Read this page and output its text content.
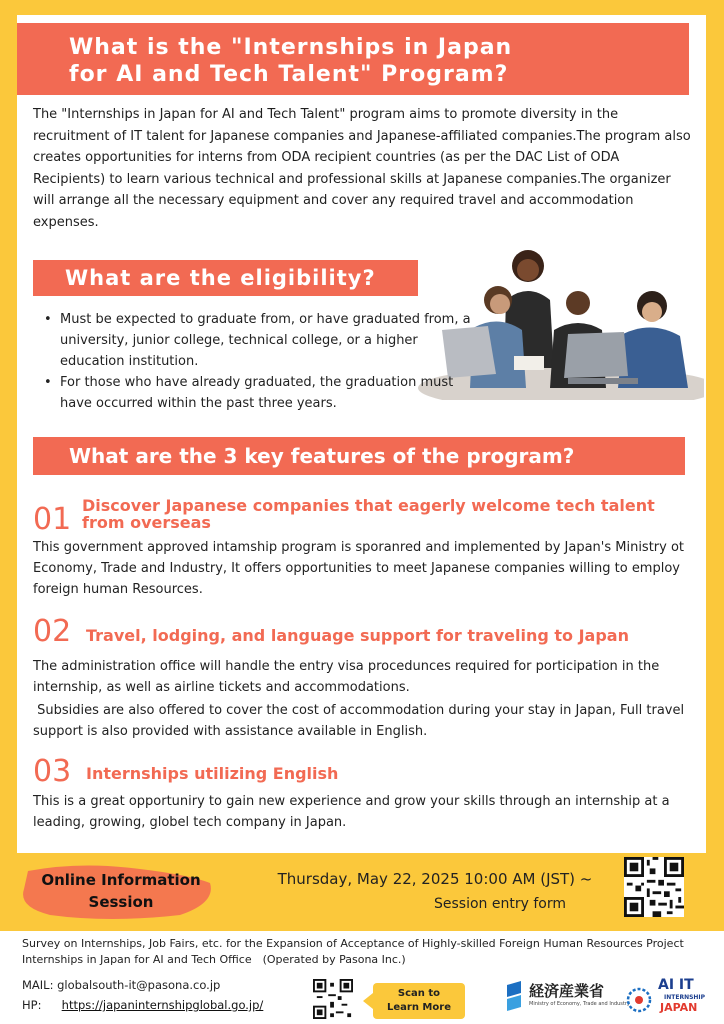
What is the "Internships in Japan
for AI and Tech Talent" Program?
The "Internships in Japan for AI and Tech Talent" program aims to promote diversity in the recruitment of IT talent for Japanese companies and Japanese-affiliated companies.The program also creates opportunities for interns from ODA recipient countries (as per the DAC List of ODA Recipients) to learn various technical and professional skills at Japanese companies.The organizer will arrange all the necessary equipment and cover any required travel and accommodation expenses.
What are the eligibility?
• Must be expected to graduate from, or have graduated from, a university, junior college, technical college, or a higher education institution.
• For those who have already graduated, the graduation must have occurred within the past three years.
What are the 3 key features of the program?
01 Discover Japanese companies that eagerly welcome tech talent from overseas
This government approved intamship program is sporanred and implemented by Japan's Ministry ot Economy, Trade and Industry, It offers opportunities to meet Japanese companies willing to employ foreign human Resources.
02 Travel, lodging, and language support for traveling to Japan
The administration office will handle the entry visa procedunces required for porticipation in the internship, as well as airline tickets and accommodations.
Subsidies are also offered to cover the cost of accommodation during your stay in Japan, Full travel support is also provided with assistance available in English.
03 Internships utilizing English
This is a great opportuniry to gain new experience and grow your skills through an internship at a leading, growing, globel tech company in Japan.
Online Information
Session
Thursday, May 22, 2025 10:00 AM (JST) ~
Session entry form
Survey on Internships, Job Fairs, etc. for the Expansion of Acceptance of Highly-skilled Foreign Human Resources Project
Internships in Japan for AI and Tech Office　(Operated by Pasona Inc.)
MAIL: globalsouth-it@pasona.co.jp
HP: https://japaninternshipglobal.go.jp/
Scan to
Learn More
経済産業省
Ministry of Economy, Trade and Industry
AI IT
INTERNSHIP
JAPAN
